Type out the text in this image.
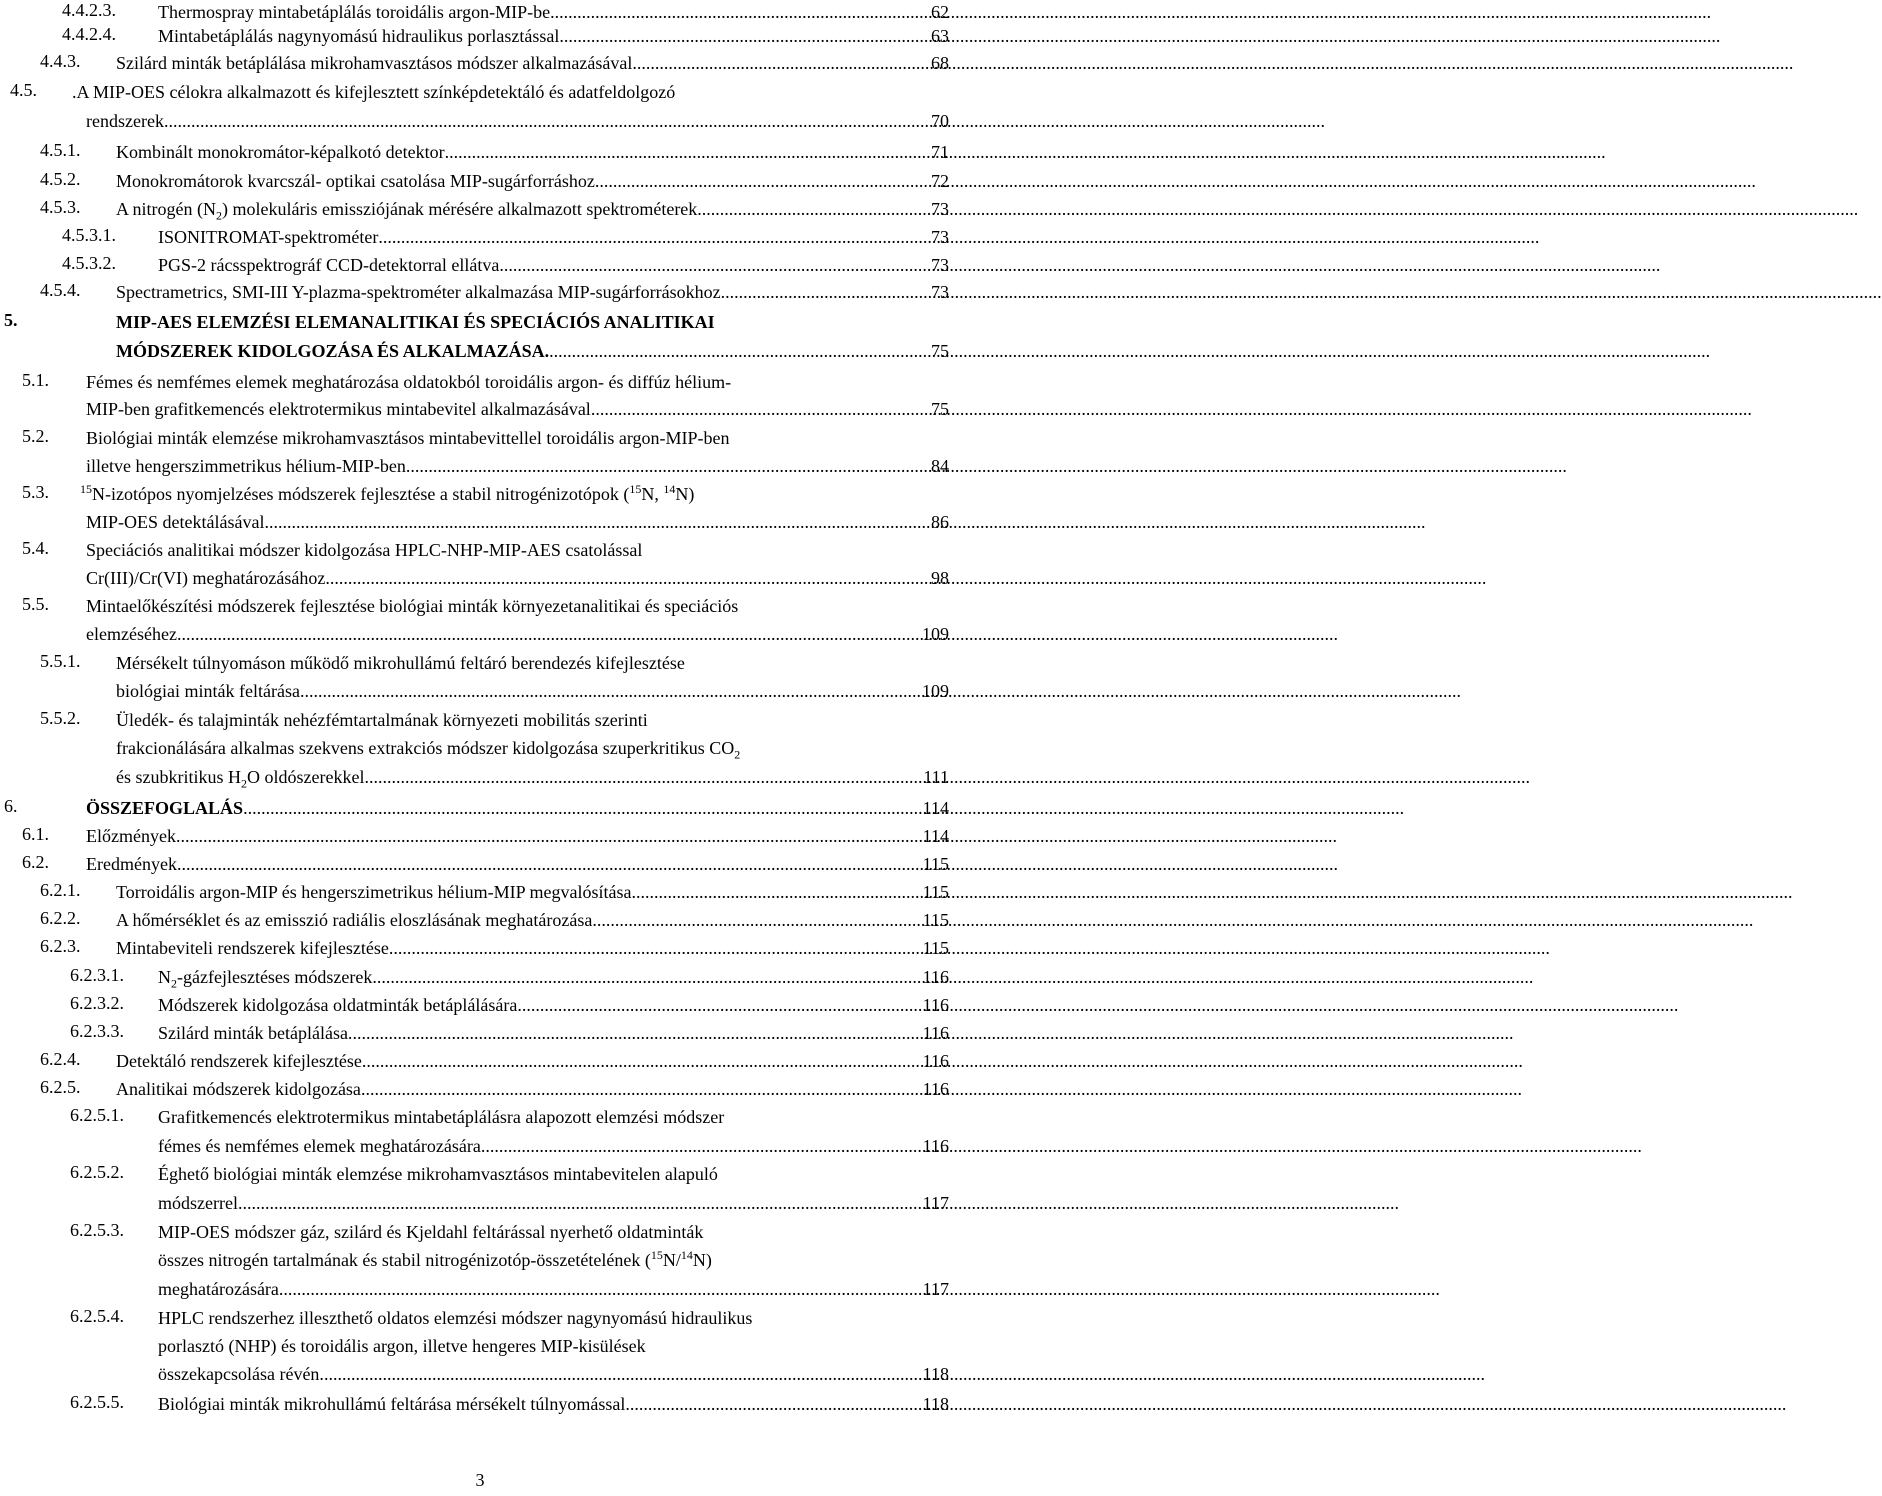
4.4.2.3. Thermospray mintabetáplálás toroidális argon-MIP-be .....	62
4.4.2.4. Mintabetáplálás nagynyomású hidraulikus porlasztással .....	63
4.4.3. Szilárd minták betáplálása mikrohamvasztásos módszer alkalmazásával .....	68
4.5. .A MIP-OES célokra alkalmazott és kifejlesztett színképdetektáló és adatfeldolgozó
rendszerek .....	70
4.5.1. Kombinált monokromátor-képalkotó detektor .....	71
4.5.2. Monokromátorok kvarcszál- optikai csatolása MIP-sugárforráshoz .....	72
4.5.3. A nitrogén $(N_2)$ molekuláris emissziójának mérésére alkalmazott spektrométerek .....	73
4.5.3.1. ISONITROMAT-spektrométer .....	73
4.5.3.2. PGS-2 rácsspektrográf CCD-detektorral ellátva .....	73
4.5.4. Spectrametrics, SMI-III Y-plazma-spektrométer alkalmazása MIP-sugárforrásokhoz .....	73
5.	MIP-AES ELEMZÉSI ELEMANALITIKAI ÉS SPECIÁCIÓS ANALITIKAI
MÓDSZEREK KIDOLGOZÁSA ÉS ALKALMAZÁSA. .....	75
5.1. Fémes és nemfémes elemek meghatározása oldatokból toroidális argon- és diffúz hélium-
MIP-ben grafitkemencés elektrotermikus mintabevitel alkalmazásával .....	75
5.2. Biológiai minták elemzése mikrohamvasztásos mintabevittellel toroidális argon-MIP-ben
illetve hengerszimmetrikus hélium-MIP-ben .....	84
5.3.	$^{15}$N-izotópos nyomjelzéses módszerek fejlesztése a stabil nitrogénizotópok ($^{15}$N, $^{14}$N)
MIP-OES detektálásával .....	86
5.4. Speciációs analitikai módszer kidolgozása HPLC-NHP-MIP-AES csatolással
Cr(III)/Cr(VI) meghatározásához .....	98
5.5. Mintaelőkészítési módszerek fejlesztése biológiai minták környezetanalitikai és speciációs
elemzéséhez .....	109
5.5.1. Mérsékelt túlnyomáson működő mikrohullámú feltáró berendezés kifejlesztése
biológiai minták feltárása .....	109
5.5.2. Üledék- és talajminták nehézfémtartalmának környezeti mobilitás szerinti
frakcionálására alkalmas szekvens extrakciós módszer kidolgozása szuperkritikus $CO_2$
és szubkritikus $H_2O$ oldószerekkel. .....	111
6.	ÖSSZEFOGLALÁS .....	114
6.1. Előzmények .....	114
6.2. Eredmények .....	115
6.2.1. Torroidális argon-MIP és hengerszimetrikus hélium-MIP megvalósítása .....	115
6.2.2. A hőmérséklet és az emisszió radiális eloszlásának meghatározása .....	115
6.2.3. Mintabeviteli rendszerek kifejlesztése .....	115
6.2.3.1. $N_2$-gázfejlesztéses módszerek .....	116
6.2.3.2. Módszerek kidolgozása oldatminták betáplálására .....	116
6.2.3.3. Szilárd minták betáplálása. .....	116
6.2.4. Detektáló rendszerek kifejlesztése .....	116
6.2.5. Analitikai módszerek kidolgozása .....	116
6.2.5.1. Grafitkemencés elektrotermikus mintabetáplálásra alapozott elemzési módszer
fémes és nemfémes elemek meghatározására .....	116
6.2.5.2. Éghető biológiai minták elemzése mikrohamvasztásos mintabevitelen alapuló
módszerrel .....	117
6.2.5.3. MIP-OES módszer gáz, szilárd és Kjeldahl feltárással nyerhető oldatminták
összes nitrogén tartalmának és stabil nitrogénizotóp-összetételének ($^{15}$N/$^{14}$N)
meghatározására .....	117
6.2.5.4. HPLC rendszerhez illeszthető oldatos elemzési módszer nagynyomású hidraulikus
porlasztó (NHP) és toroidális argon, illetve hengeres MIP-kisülések
összekapcsolása révén. .....	118
6.2.5.5. Biológiai minták mikrohullámú feltárása mérsékelt túlnyomással .....	118
3
